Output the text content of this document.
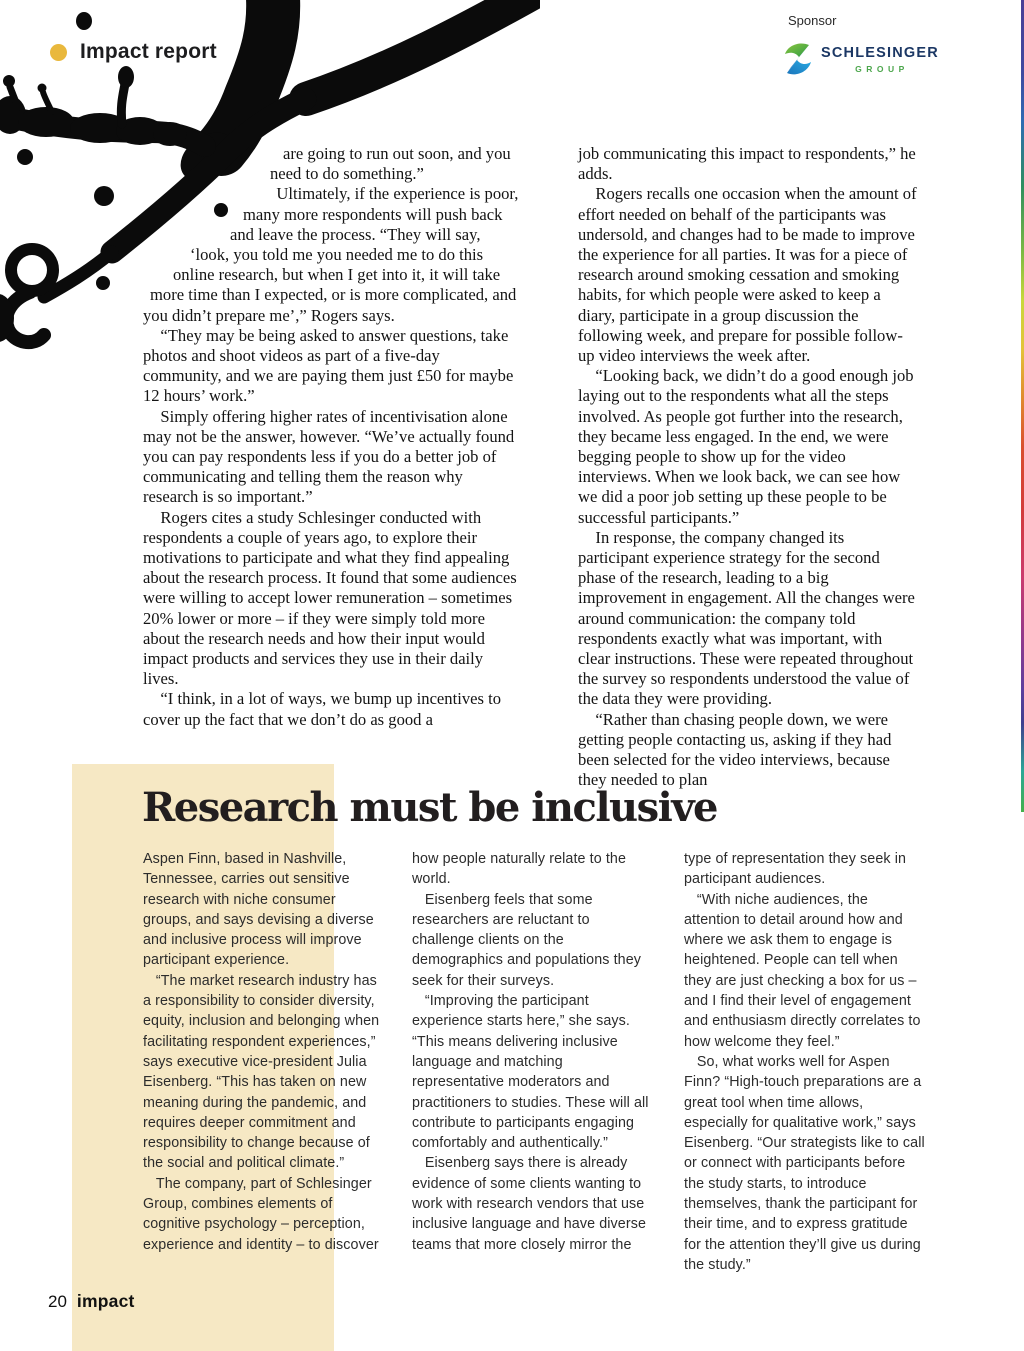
Impact report
Sponsor
SCHLESINGER
GROUP

are going to run out soon, and you need to do something.”

Ultimately, if the experience is poor, many more respondents will push back and leave the process. “They will say, ‘look, you told me you needed me to do this online research, but when I get into it, it will take more time than I expected, or is more complicated, and you didn’t prepare me’,” Rogers says.

“They may be being asked to answer questions, take photos and shoot videos as part of a five-day community, and we are paying them just £50 for maybe 12 hours’ work.”

Simply offering higher rates of incentivisation alone may not be the answer, however. “We’ve actually found you can pay respondents less if you do a better job of communicating and telling them the reason why research is so important.”

Rogers cites a study Schlesinger conducted with respondents a couple of years ago, to explore their motivations to participate and what they find appealing about the research process. It found that some audiences were willing to accept lower remuneration – sometimes 20% lower or more – if they were simply told more about the research needs and how their input would impact products and services they use in their daily lives.

“I think, in a lot of ways, we bump up incentives to cover up the fact that we don’t do as good a

job communicating this impact to respondents,” he adds.

Rogers recalls one occasion when the amount of effort needed on behalf of the participants was undersold, and changes had to be made to improve the experience for all parties. It was for a piece of research around smoking cessation and smoking habits, for which people were asked to keep a diary, participate in a group discussion the following week, and prepare for possible follow-up video interviews the week after.

“Looking back, we didn’t do a good enough job laying out to the respondents what all the steps involved. As people got further into the research, they became less engaged. In the end, we were begging people to show up for the video interviews. When we look back, we can see how we did a poor job setting up these people to be successful participants.”

In response, the company changed its participant experience strategy for the second phase of the research, leading to a big improvement in engagement. All the changes were around communication: the company told respondents exactly what was important, with clear instructions. These were repeated throughout the survey so respondents understood the value of the data they were providing.

“Rather than chasing people down, we were getting people contacting us, asking if they had been selected for the video interviews, because they needed to plan

Research must be inclusive

Aspen Finn, based in Nashville, Tennessee, carries out sensitive research with niche consumer groups, and says devising a diverse and inclusive process will improve participant experience.

“The market research industry has a responsibility to consider diversity, equity, inclusion and belonging when facilitating respondent experiences,” says executive vice-president Julia Eisenberg. “This has taken on new meaning during the pandemic, and requires deeper commitment and responsibility to change because of the social and political climate.”

The company, part of Schlesinger Group, combines elements of cognitive psychology – perception, experience and identity – to discover

how people naturally relate to the world.

Eisenberg feels that some researchers are reluctant to challenge clients on the demographics and populations they seek for their surveys.

“Improving the participant experience starts here,” she says. “This means delivering inclusive language and matching representative moderators and practitioners to studies. These will all contribute to participants engaging comfortably and authentically.”

Eisenberg says there is already evidence of some clients wanting to work with research vendors that use inclusive language and have diverse teams that more closely mirror the

type of representation they seek in participant audiences.

“With niche audiences, the attention to detail around how and where we ask them to engage is heightened. People can tell when they are just checking a box for us – and I find their level of engagement and enthusiasm directly correlates to how welcome they feel.”

So, what works well for Aspen Finn? “High-touch preparations are a great tool when time allows, especially for qualitative work,” says Eisenberg. “Our strategists like to call or connect with participants before the study starts, to introduce themselves, thank the participant for their time, and to express gratitude for the attention they’ll give us during the study.”

20 impact
